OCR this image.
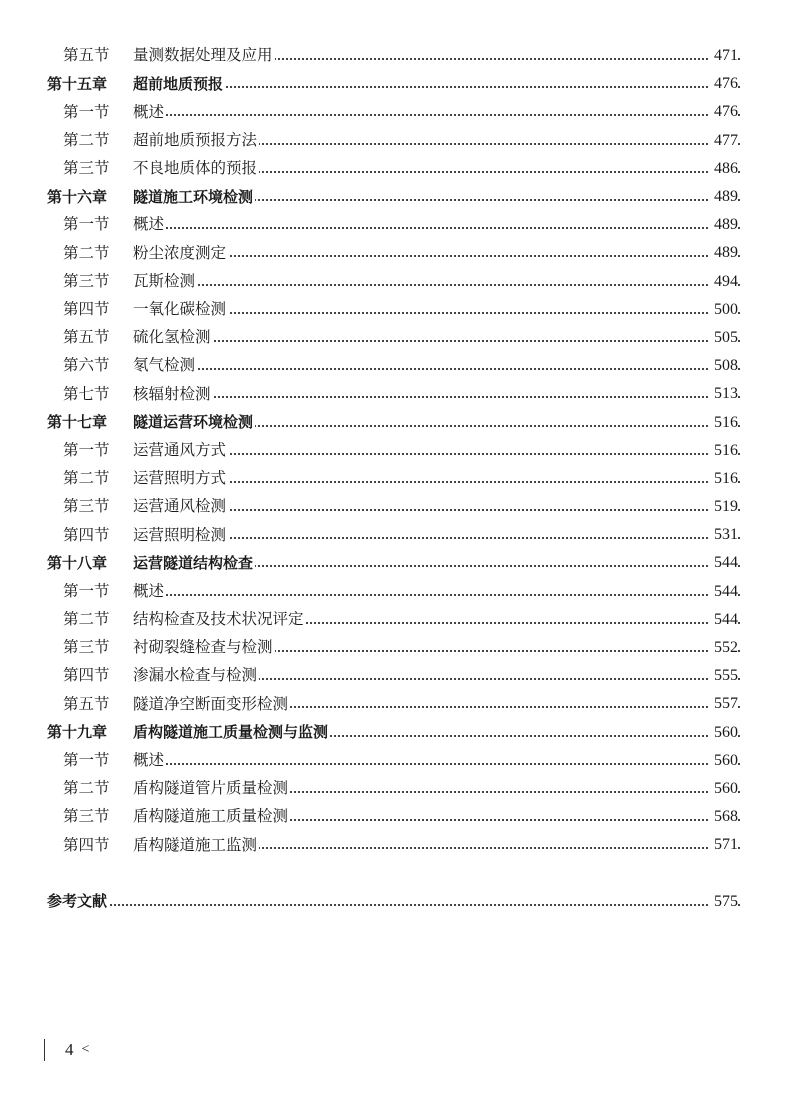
第五节 量测数据处理及应用	471
第十五章 超前地质预报	476
第一节 概述	476
第二节 超前地质预报方法	477
第三节 不良地质体的预报	486
第十六章 隧道施工环境检测	489
第一节 概述	489
第二节 粉尘浓度测定	489
第三节 瓦斯检测	494
第四节 一氧化碳检测	500
第五节 硫化氢检测	505
第六节 氡气检测	508
第七节 核辐射检测	513
第十七章 隧道运营环境检测	516
第一节 运营通风方式	516
第二节 运营照明方式	516
第三节 运营通风检测	519
第四节 运营照明检测	531
第十八章 运营隧道结构检查	544
第一节 概述	544
第二节 结构检查及技术状况评定	544
第三节 衬砌裂缝检查与检测	552
第四节 渗漏水检查与检测	555
第五节 隧道净空断面变形检测	557
第十九章 盾构隧道施工质量检测与监测	560
第一节 概述	560
第二节 盾构隧道管片质量检测	560
第三节 盾构隧道施工质量检测	568
第四节 盾构隧道施工监测	571
参考文献	575
4 <
